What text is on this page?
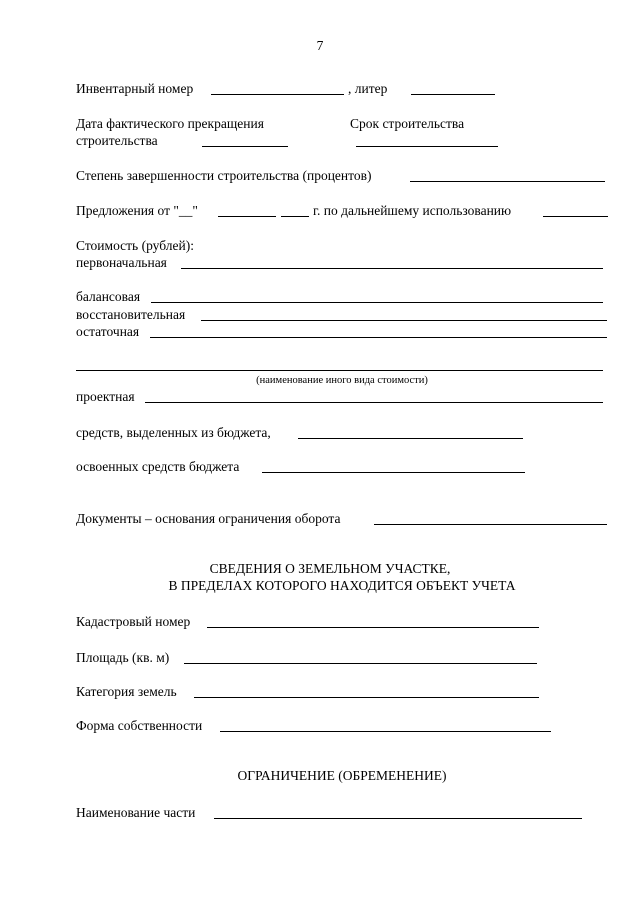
7
Инвентарный номер	, литер
Дата фактического прекращения
строительства
Срок строительства
Степень завершенности строительства (процентов)
Предложения от "__"	г. по дальнейшему использованию
Стоимость (рублей):
первоначальная
балансовая
восстановительная
остаточная
(наименование иного вида стоимости)
проектная
средств, выделенных из бюджета,
освоенных средств бюджета
Документы – основания ограничения оборота
СВЕДЕНИЯ О ЗЕМЕЛЬНОМ УЧАСТКЕ,
В ПРЕДЕЛАХ КОТОРОГО НАХОДИТСЯ ОБЪЕКТ УЧЕТА
Кадастровый номер
Площадь (кв. м)
Категория земель
Форма собственности
ОГРАНИЧЕНИЕ (ОБРЕМЕНЕНИЕ)
Наименование части
